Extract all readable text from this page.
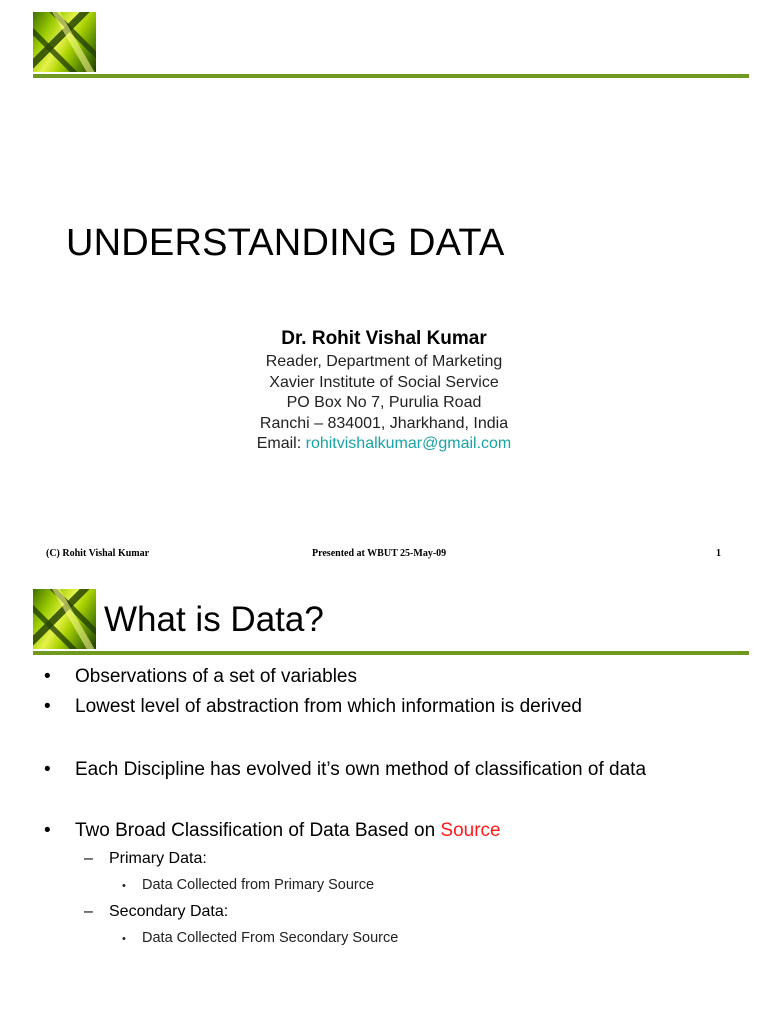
UNDERSTANDING DATA
Dr. Rohit Vishal Kumar
Reader, Department of Marketing
Xavier Institute of Social Service
PO Box No 7, Purulia Road
Ranchi – 834001, Jharkhand, India
Email: rohitvishalkumar@gmail.com
(C) Rohit Vishal Kumar	Presented at WBUT 25-May-09	1
What is Data?
• Observations of a set of variables
• Lowest level of abstraction from which information is derived
• Each Discipline has evolved it’s own method of classification of data
• Two Broad Classification of Data Based on Source
– Primary Data:
• Data Collected from Primary Source
– Secondary Data:
• Data Collected From Secondary Source
